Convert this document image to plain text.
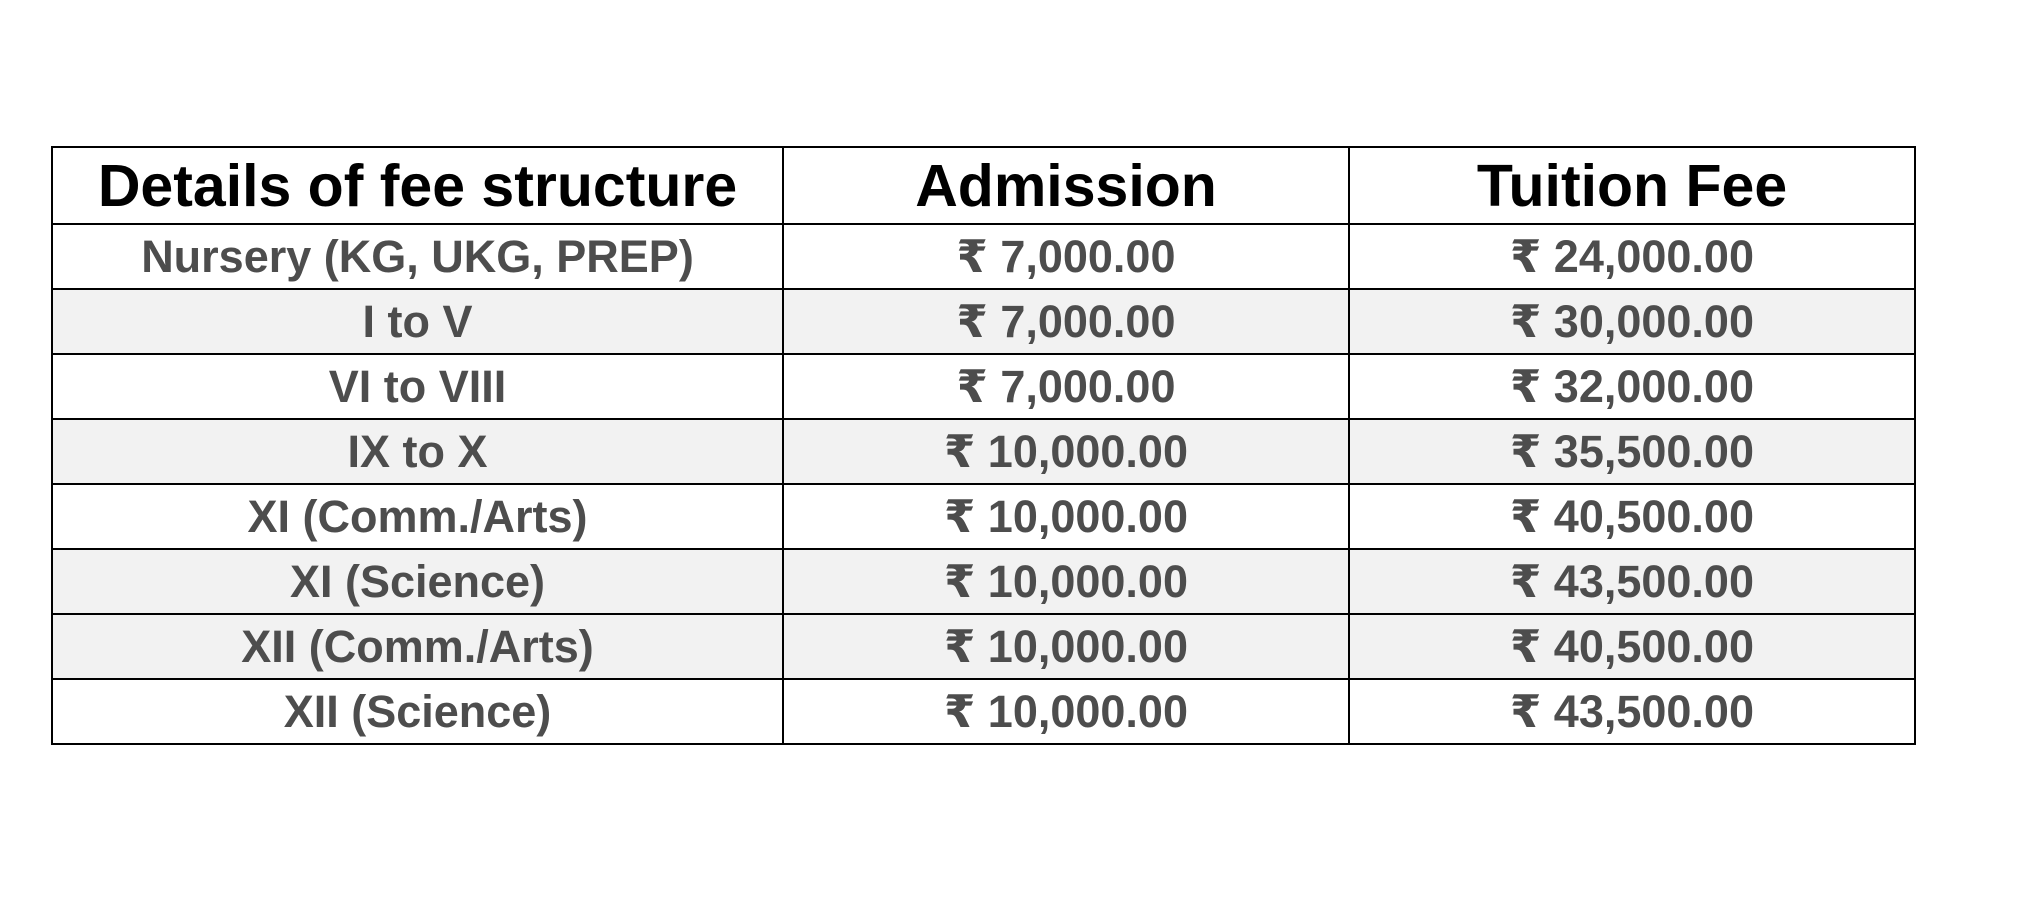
Details of fee structure	Admission	Tuition Fee
Nursery (KG, UKG, PREP)	₹ 7,000.00	₹ 24,000.00
I to V	₹ 7,000.00	₹ 30,000.00
VI to VIII	₹ 7,000.00	₹ 32,000.00
IX to X	₹ 10,000.00	₹ 35,500.00
XI (Comm./Arts)	₹ 10,000.00	₹ 40,500.00
XI (Science)	₹ 10,000.00	₹ 43,500.00
XII (Comm./Arts)	₹ 10,000.00	₹ 40,500.00
XII (Science)	₹ 10,000.00	₹ 43,500.00
